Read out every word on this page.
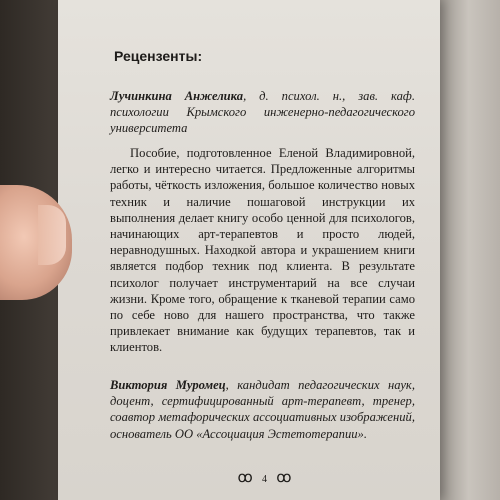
Рецензенты:

Лучинкина Анжелика, д. психол. н., зав. каф. психологии Крымского инженерно-педагогического университета

Пособие, подготовленное Еленой Владимировной, легко и интересно читается. Предложенные алгоритмы работы, чёткость изложения, большое количество новых техник и наличие пошаговой инструкции их выполнения делает книгу особо ценной для психологов, начинающих арт-терапевтов и просто людей, неравнодушных. Находкой автора и украшением книги является подбор техник под клиента. В результате психолог получает инструментарий на все случаи жизни. Кроме того, обращение к тканевой терапии само по себе ново для нашего пространства, что также привлекает внимание как будущих терапевтов, так и клиентов.

Виктория Муромец, кандидат педагогических наук, доцент, сертифицированный арт-терапевт, тренер, соавтор метафорических ассоциативных изображений, основатель ОО «Ассоциация Эстетотерапии».

ꝏ 4 ꝏ
